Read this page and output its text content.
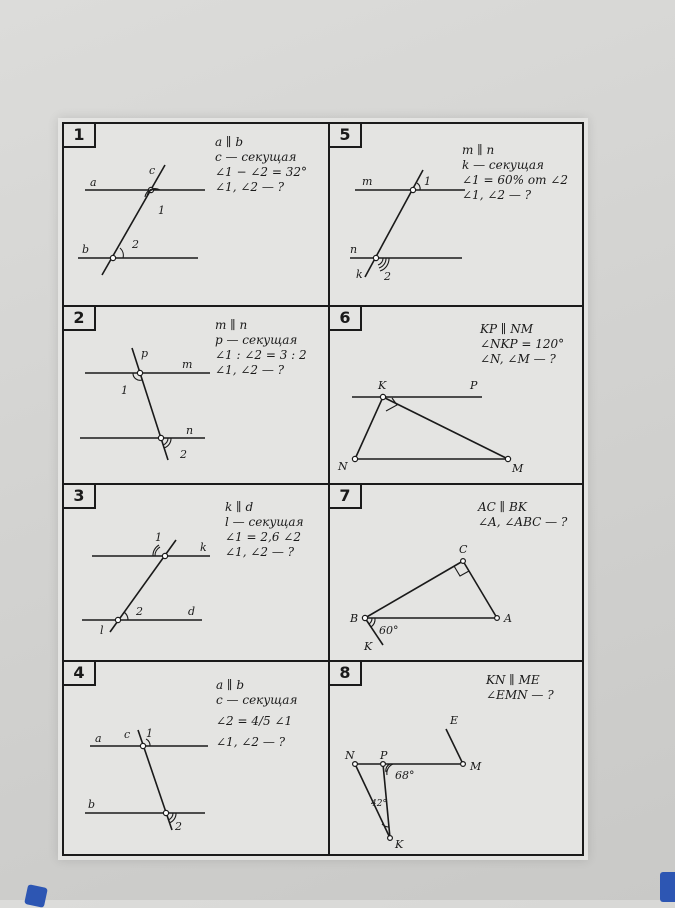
1
2
3
4
5
6
7
8
a ∥ b
c — секущая
∠1 − ∠2 = 32°
∠1, ∠2 — ?
m ∥ n
p — секущая
∠1 : ∠2 = 3 : 2
∠1, ∠2 — ?
k ∥ d
l — секущая
∠1 = 2,6 ∠2
∠1, ∠2 — ?
a ∥ b
c — секущая
∠2 = 4/5 ∠1
∠1, ∠2 — ?
m ∥ n
k — секущая
∠1 = 60% от ∠2
∠1, ∠2 — ?
KP ∥ NM
∠NKP = 120°
∠N, ∠M — ?
AC ∥ BK
∠A, ∠ABC — ?
KN ∥ ME
∠EMN — ?
a
b
c
1
2
m
n
p
1
2
k
d
l
1
2
a
b
c 1
2
m
n
k
1
2
K	P
N	M
C
B	A
K
60°
E
N P
M
K
68°
42°
